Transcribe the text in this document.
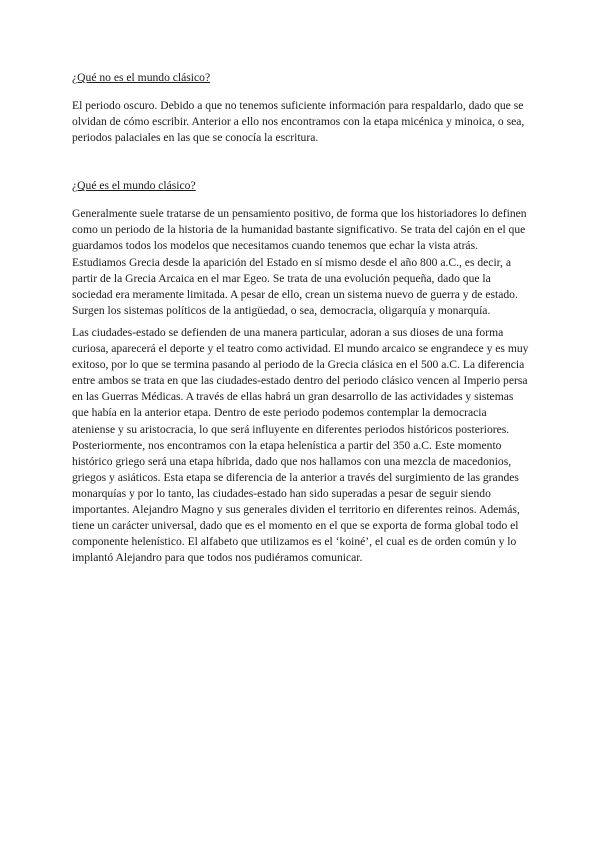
¿Qué no es el mundo clásico?

El periodo oscuro. Debido a que no tenemos suficiente información para respaldarlo, dado que se olvidan de cómo escribir. Anterior a ello nos encontramos con la etapa micénica y minoica, o sea, periodos palaciales en las que se conocía la escritura.

¿Qué es el mundo clásico?

Generalmente suele tratarse de un pensamiento positivo, de forma que los historiadores lo definen como un periodo de la historia de la humanidad bastante significativo. Se trata del cajón en el que guardamos todos los modelos que necesitamos cuando tenemos que echar la vista atrás. Estudiamos Grecia desde la aparición del Estado en sí mismo desde el año 800 a.C., es decir, a partir de la Grecia Arcaica en el mar Egeo. Se trata de una evolución pequeña, dado que la sociedad era meramente limitada. A pesar de ello, crean un sistema nuevo de guerra y de estado. Surgen los sistemas políticos de la antigüedad, o sea, democracia, oligarquía y monarquía.

Las ciudades-estado se defienden de una manera particular, adoran a sus dioses de una forma curiosa, aparecerá el deporte y el teatro como actividad. El mundo arcaico se engrandece y es muy exitoso, por lo que se termina pasando al periodo de la Grecia clásica en el 500 a.C. La diferencia entre ambos se trata en que las ciudades-estado dentro del periodo clásico vencen al Imperio persa en las Guerras Médicas. A través de ellas habrá un gran desarrollo de las actividades y sistemas que había en la anterior etapa. Dentro de este periodo podemos contemplar la democracia ateniense y su aristocracia, lo que será influyente en diferentes periodos históricos posteriores. Posteriormente, nos encontramos con la etapa helenística a partir del 350 a.C. Este momento histórico griego será una etapa híbrida, dado que nos hallamos con una mezcla de macedonios, griegos y asiáticos. Esta etapa se diferencia de la anterior a través del surgimiento de las grandes monarquías y por lo tanto, las ciudades-estado han sido superadas a pesar de seguir siendo importantes. Alejandro Magno y sus generales dividen el territorio en diferentes reinos. Además, tiene un carácter universal, dado que es el momento en el que se exporta de forma global todo el componente helenístico. El alfabeto que utilizamos es el ‘koiné’, el cual es de orden común y lo implantó Alejandro para que todos nos pudiéramos comunicar.
